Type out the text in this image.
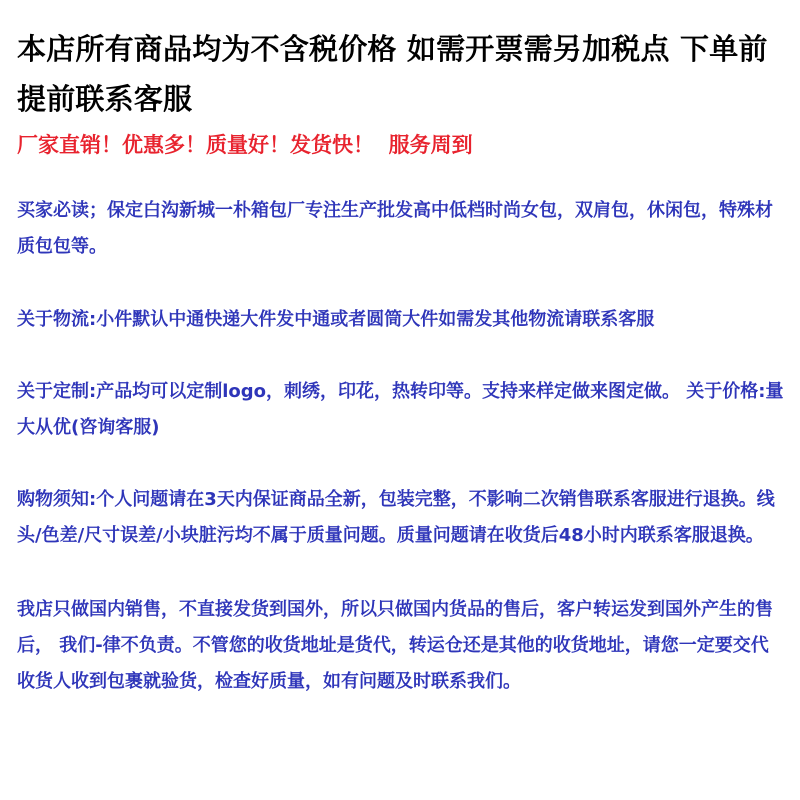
本店所有商品均为不含税价格 如需开票需另加税点 下单前提前联系客服

厂家直销！优惠多！质量好！发货快！  服务周到

买家必读；保定白沟新城一朴箱包厂专注生产批发高中低档时尚女包，双肩包，休闲包，特殊材质包包等。

关于物流:小件默认中通快递大件发中通或者圆筒大件如需发其他物流请联系客服

关于定制:产品均可以定制logo，刺绣，印花，热转印等。支持来样定做来图定做。 关于价格:量大从优(咨询客服)

购物须知:个人问题请在3天内保证商品全新，包装完整，不影响二次销售联系客服进行退换。线头/色差/尺寸误差/小块脏污均不属于质量问题。质量问题请在收货后48小时内联系客服退换。

我店只做国内销售，不直接发货到国外，所以只做国内货品的售后，客户转运发到国外产生的售后， 我们-律不负责。不管您的收货地址是货代，转运仓还是其他的收货地址，请您一定要交代收货人收到包裹就验货，检查好质量，如有问题及时联系我们。
